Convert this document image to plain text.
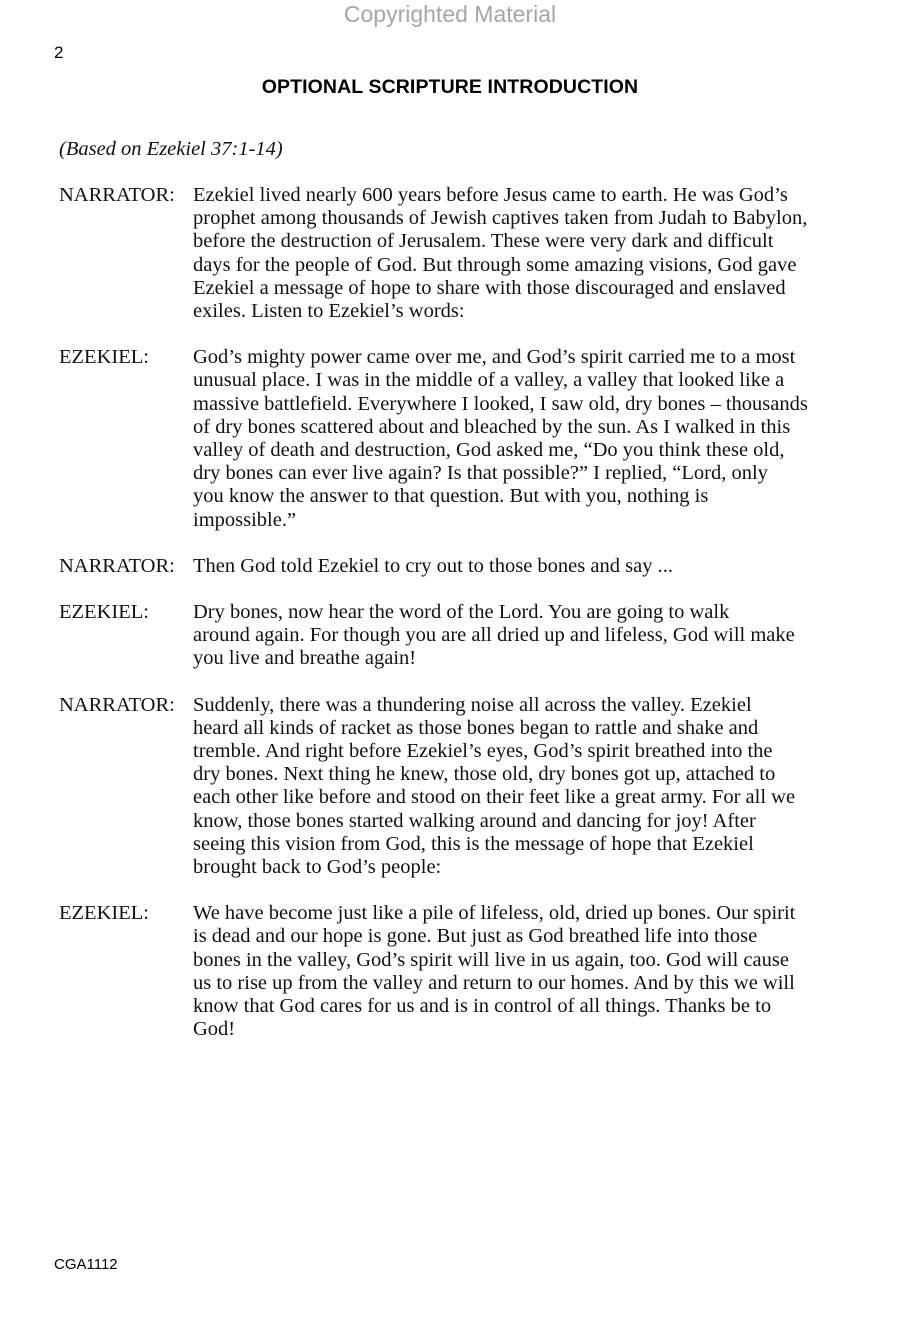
Copyrighted Material
2
OPTIONAL SCRIPTURE INTRODUCTION
(Based on Ezekiel 37:1-14)
NARRATOR: Ezekiel lived nearly 600 years before Jesus came to earth. He was God’s
prophet among thousands of Jewish captives taken from Judah to Babylon,
before the destruction of Jerusalem. These were very dark and difficult
days for the people of God. But through some amazing visions, God gave
Ezekiel a message of hope to share with those discouraged and enslaved
exiles. Listen to Ezekiel’s words:
EZEKIEL:	God’s mighty power came over me, and God’s spirit carried me to a most
unusual place. I was in the middle of a valley, a valley that looked like a
massive battlefield. Everywhere I looked, I saw old, dry bones – thousands
of dry bones scattered about and bleached by the sun. As I walked in this
valley of death and destruction, God asked me, “Do you think these old,
dry bones can ever live again? Is that possible?” I replied, “Lord, only
you know the answer to that question. But with you, nothing is
impossible.”
NARRATOR: Then God told Ezekiel to cry out to those bones and say ...
EZEKIEL:	Dry bones, now hear the word of the Lord. You are going to walk
around again. For though you are all dried up and lifeless, God will make
you live and breathe again!
NARRATOR: Suddenly, there was a thundering noise all across the valley. Ezekiel
heard all kinds of racket as those bones began to rattle and shake and
tremble. And right before Ezekiel’s eyes, God’s spirit breathed into the
dry bones. Next thing he knew, those old, dry bones got up, attached to
each other like before and stood on their feet like a great army. For all we
know, those bones started walking around and dancing for joy! After
seeing this vision from God, this is the message of hope that Ezekiel
brought back to God’s people:
EZEKIEL:	We have become just like a pile of lifeless, old, dried up bones. Our spirit
is dead and our hope is gone. But just as God breathed life into those
bones in the valley, God’s spirit will live in us again, too. God will cause
us to rise up from the valley and return to our homes. And by this we will
know that God cares for us and is in control of all things. Thanks be to
God!
CGA1112
